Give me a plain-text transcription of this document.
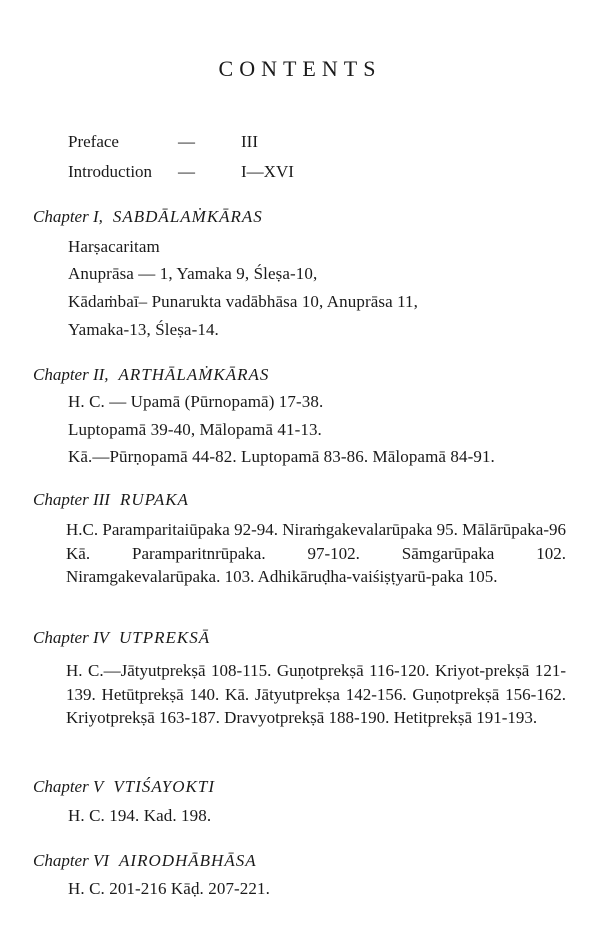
CONTENTS
Preface	—	III
Introduction —	I—XVI
Chapter I, SABDĀLAṀKĀRAS
Harṣacaritam
Anuprāsa — 1, Yamaka 9, Śleṣa-10,
Kādaṁbaī– Punarukta vadābhāsa 10, Anuprāsa 11,
Yamaka-13, Śleṣa-14.
Chapter II, ARTHĀLAṀKĀRAS
H. C. — Upamā (Pūrnopamā) 17-38.
Luptopamā 39-40, Mālopamā 41-13.
Kā.—Pūrṇopamā 44-82. Luptopamā 83-86. Mālopamā 84-91.
Chapter III RUPAKA
H.C. Paramparitaiūpaka 92-94. Niraṁgakevalarūpaka 95. Mālārūpaka-96 Kā. Paramparitnrūpaka. 97-102. Sāmgarūpaka 102. Niramgakevalarūpaka. 103. Adhikāruḍha-vaiśiṣṭyarū-paka 105.
Chapter IV UTPREKSĀ
H. C.—Jātyutprekṣā 108-115. Guṇotprekṣā 116-120. Kriyot-prekṣā 121-139. Hetūtprekṣā 140. Kā. Jātyutprekṣa 142-156. Guṇotprekṣā 156-162. Kriyotprekṣā 163-187. Dravyotprekṣā 188-190. Hetitprekṣā 191-193.
Chapter V VTIŚAYOKTI
H. C. 194. Kad. 198.
Chapter VI AIRODHĀBHĀSA
H. C. 201-216 Kāḍ. 207-221.
